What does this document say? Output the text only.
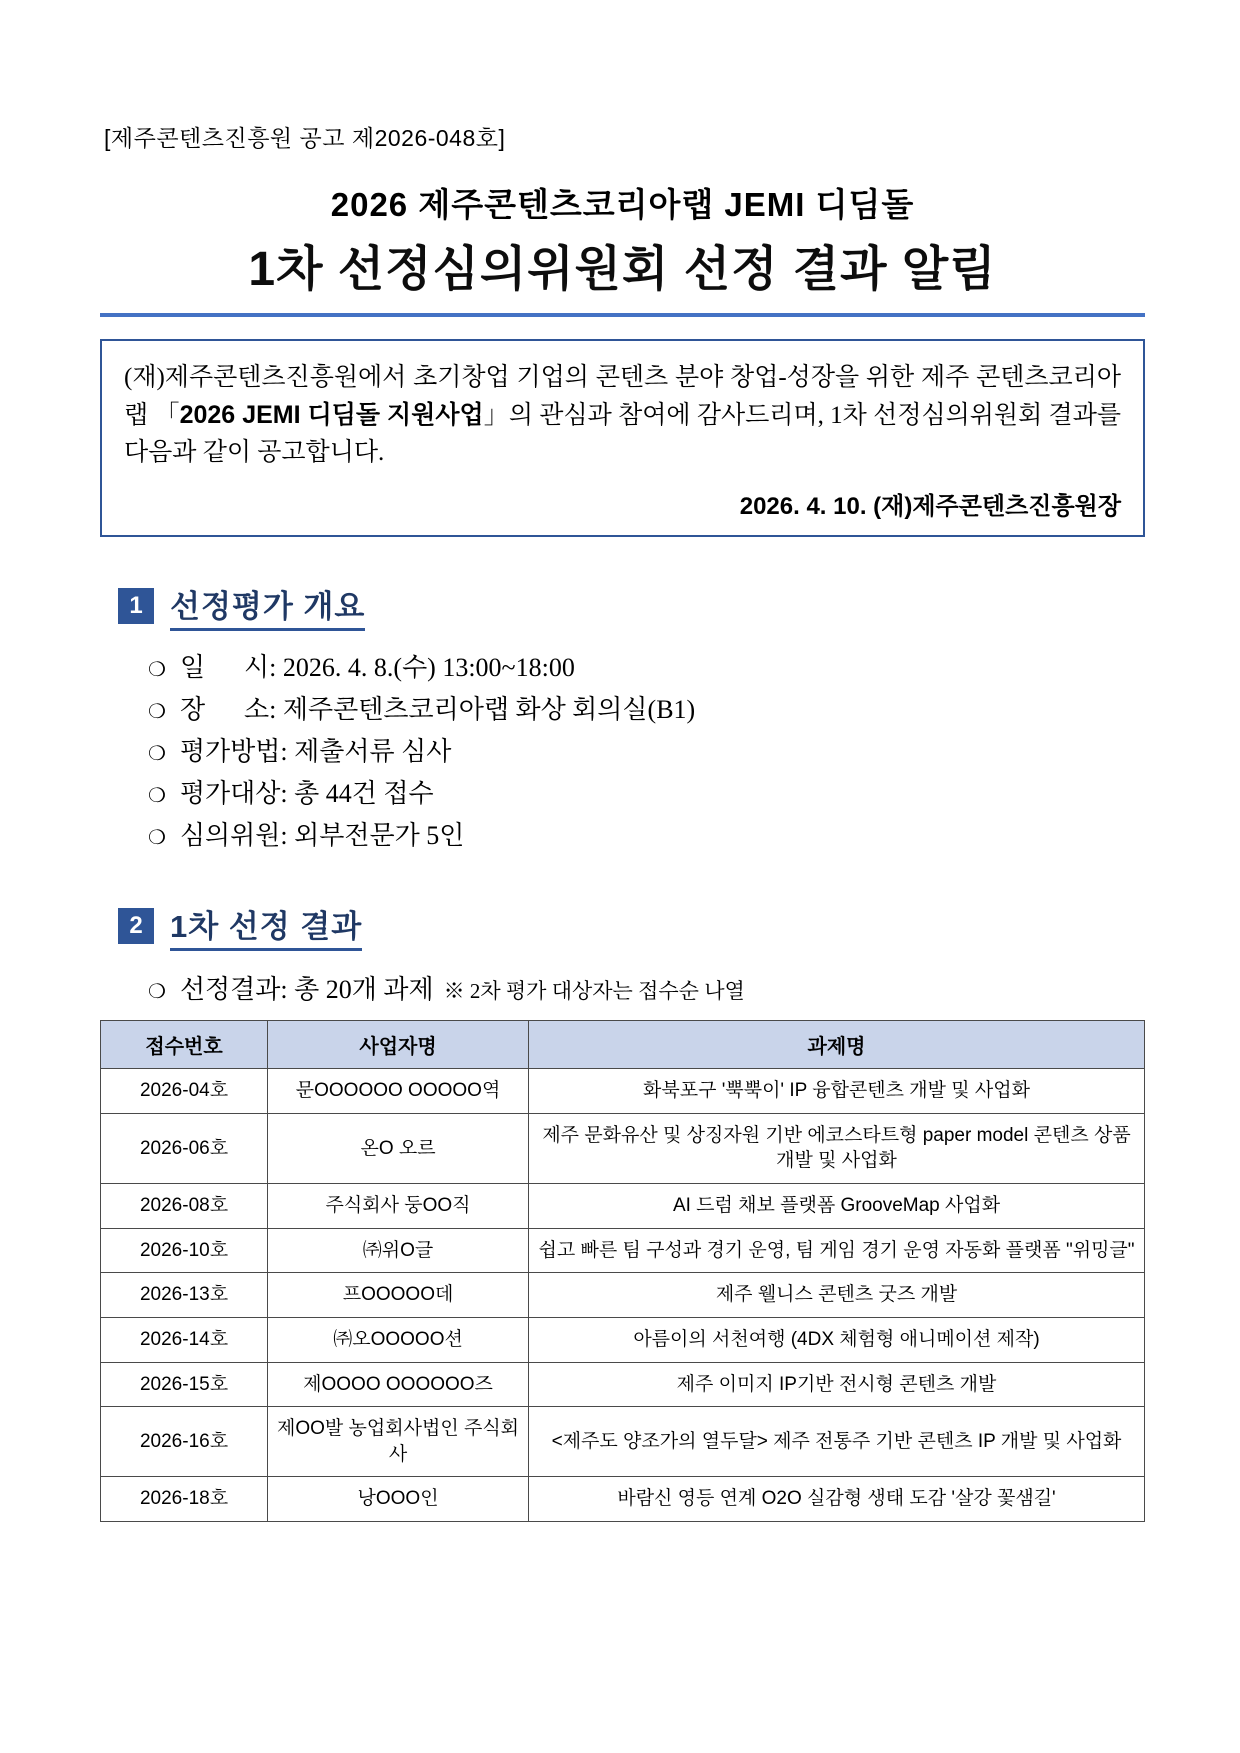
[제주콘텐츠진흥원 공고 제2026-048호]
2026 제주콘텐츠코리아랩 JEMI 디딤돌
1차 선정심의위원회 선정 결과 알림
(재)제주콘텐츠진흥원에서 초기창업 기업의 콘텐츠 분야 창업-성장을 위한 제주 콘텐츠코리아랩 「2026 JEMI 디딤돌 지원사업」의 관심과 참여에 감사드리며, 1차 선정심의위원회 결과를 다음과 같이 공고합니다.
2026. 4. 10. (재)제주콘텐츠진흥원장
1 선정평가 개요
❍ 일      시:
2026. 4. 8.(수) 13:00~18:00
❍ 장      소:
제주콘텐츠코리아랩 화상 회의실(B1)
❍ 평가방법:
제출서류 심사
❍ 평가대상:
총 44건 접수
❍ 심의위원:
외부전문가 5인
2 1차 선정 결과
❍ 선정결과: 총 20개 과제 ※ 2차 평가 대상자는 접수순 나열
접수번호	사업자명	과제명
2026-04호	문OOOOOO OOOOO역	화북포구 '뿍뿍이' IP 융합콘텐츠 개발 및 사업화
2026-06호	온O 오르	제주 문화유산 및 상징자원 기반 에코스타트형 paper model 콘텐츠 상품 개발 및 사업화
2026-08호	주식회사 둥OO직	AI 드럼 채보 플랫폼 GrooveMap 사업화
2026-10호	㈜위O글	쉽고 빠른 팀 구성과 경기 운영, 팀 게임 경기 운영 자동화 플랫폼 "위밍글"
2026-13호	프OOOOO데	제주 웰니스 콘텐츠 굿즈 개발
2026-14호	㈜오OOOOO션	아름이의 서천여행 (4DX 체험형 애니메이션 제작)
2026-15호	제OOOO OOOOOO즈	제주 이미지 IP기반 전시형 콘텐츠 개발
2026-16호	제OO발 농업회사법인 주식회사	<제주도 양조가의 열두달> 제주 전통주 기반 콘텐츠 IP 개발 및 사업화
2026-18호	낭OOO인	바람신 영등 연계 O2O 실감형 생태 도감 '살강 꽃샘길'
